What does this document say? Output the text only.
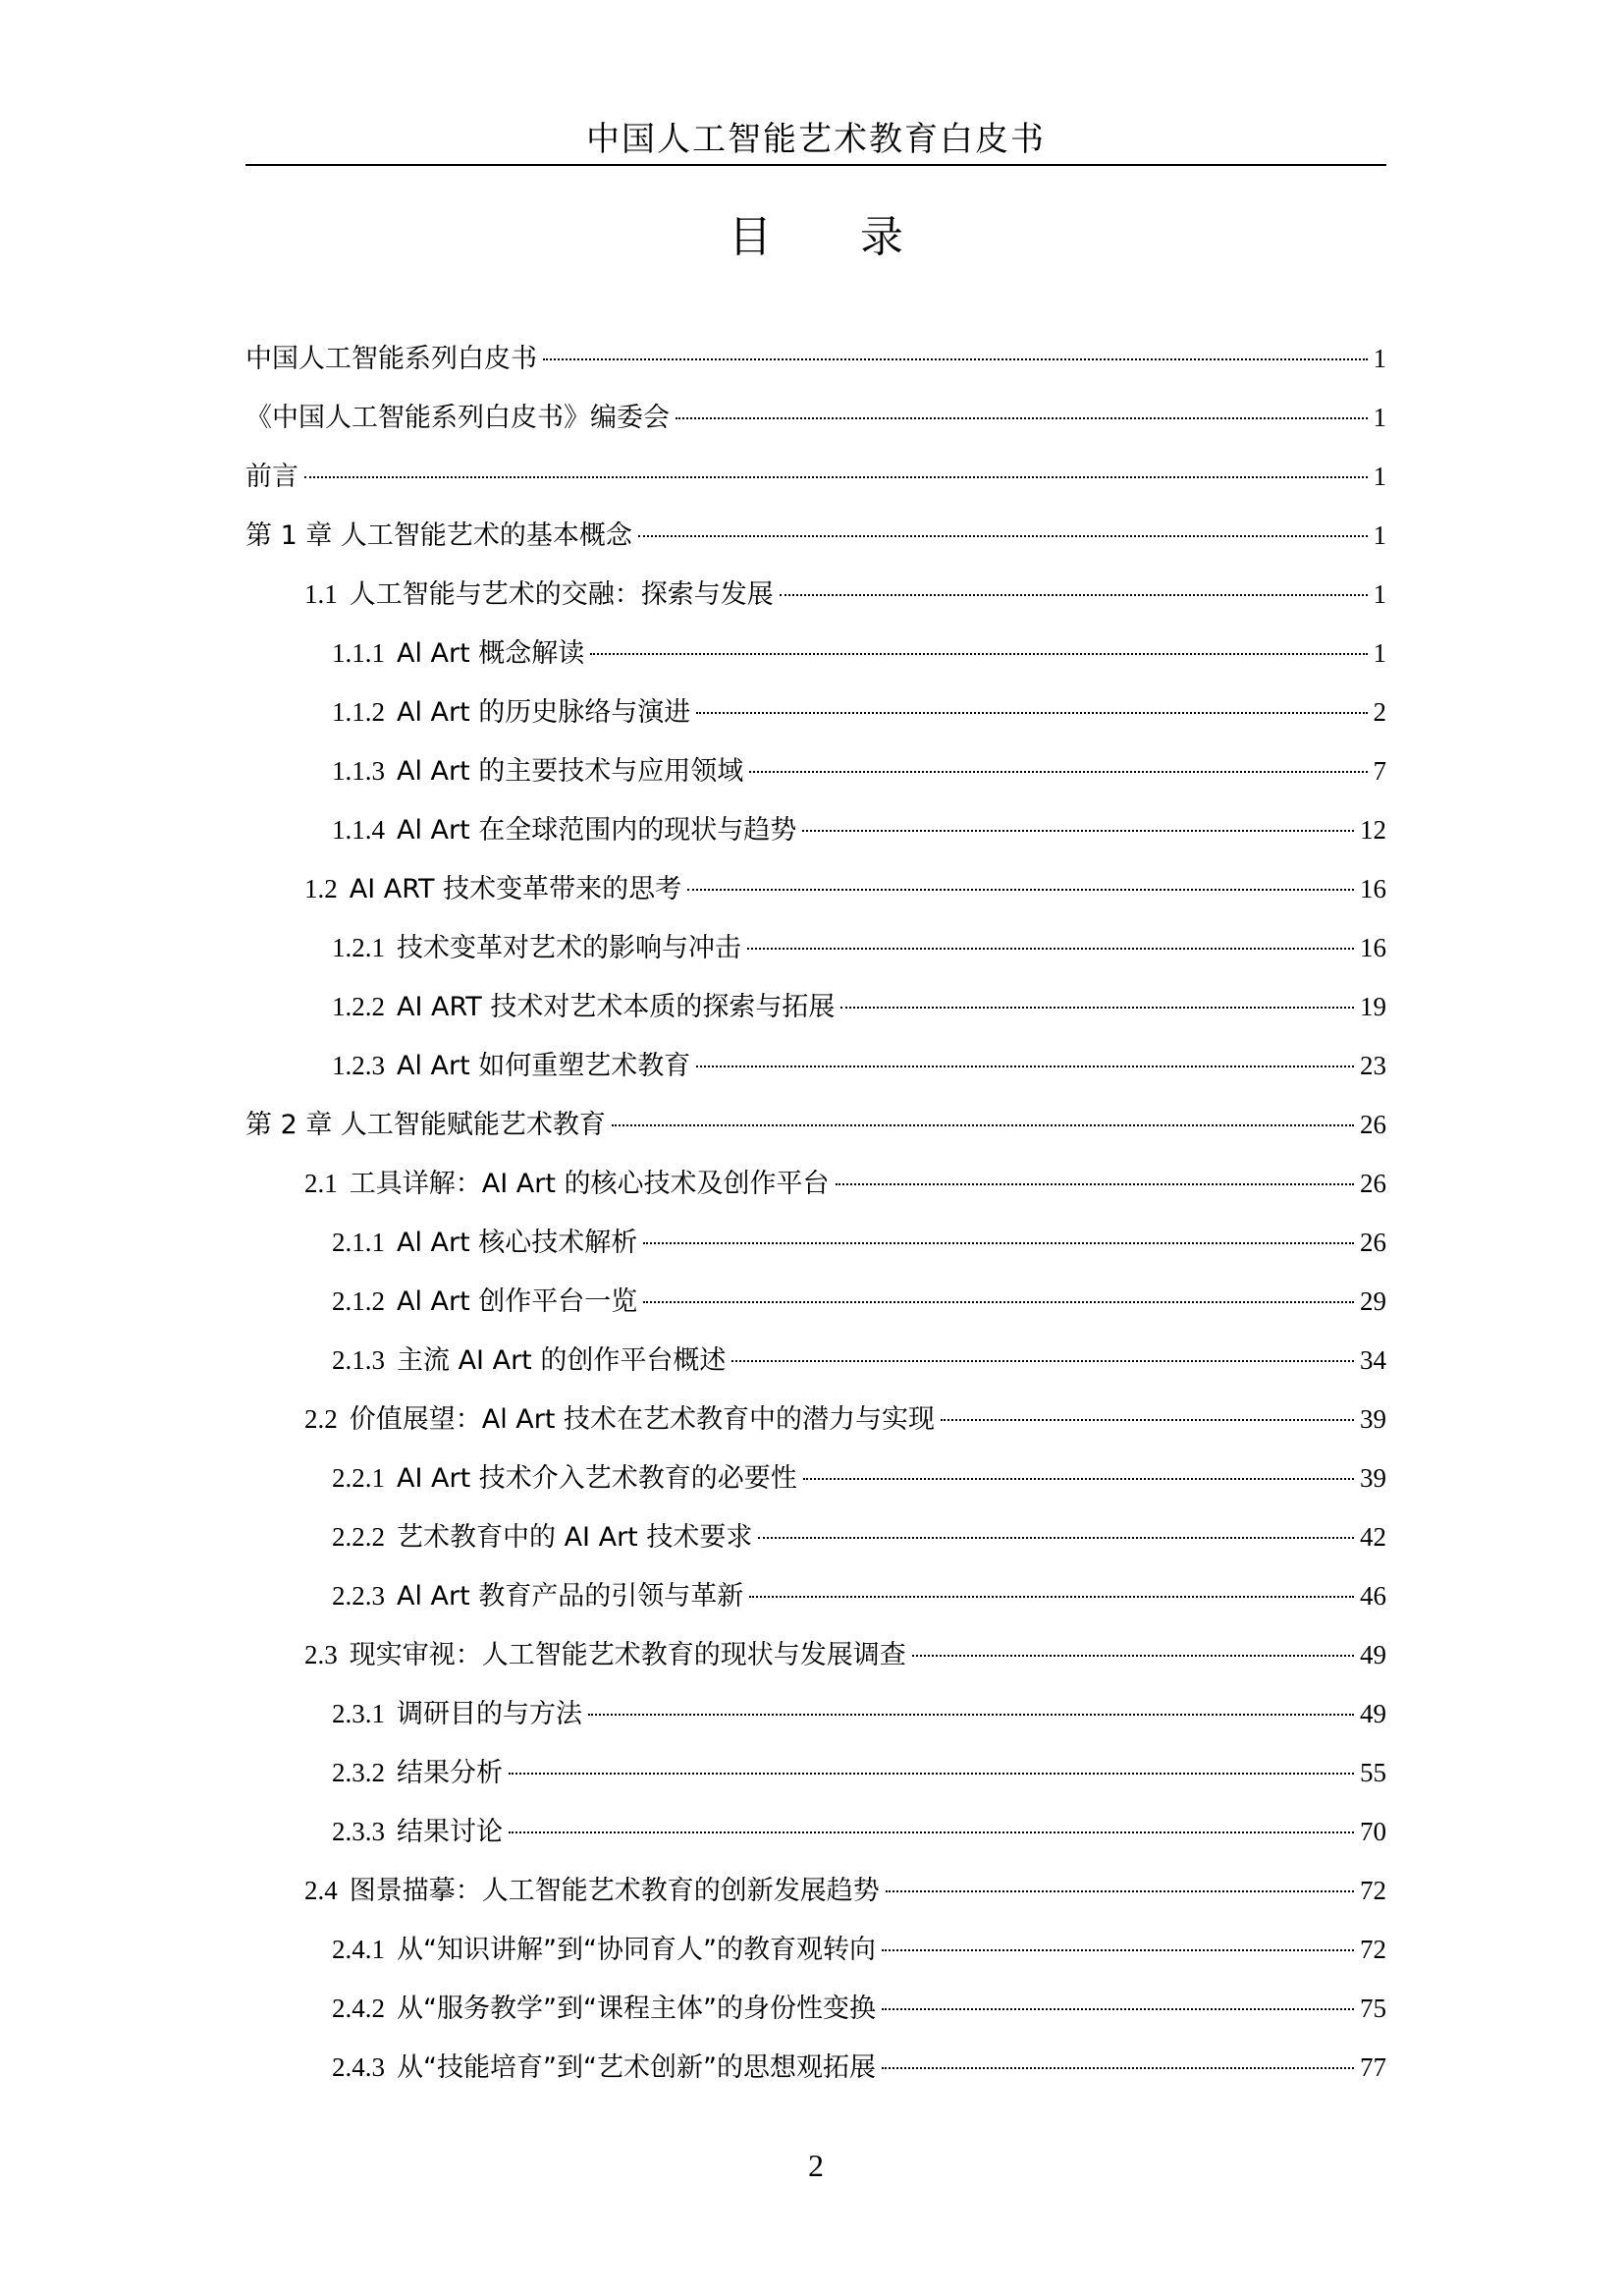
中国人工智能艺术教育白皮书
目 录
中国人工智能系列白皮书	1
《中国人工智能系列白皮书》编委会	1
前言	1
第 1 章 人工智能艺术的基本概念	1
1.1 人工智能与艺术的交融：探索与发展	1
1.1.1 Al Art 概念解读	1
1.1.2 Al Art 的历史脉络与演进	2
1.1.3 Al Art 的主要技术与应用领域	7
1.1.4 Al Art 在全球范围内的现状与趋势	12
1.2 AI ART 技术变革带来的思考	16
1.2.1 技术变革对艺术的影响与冲击	16
1.2.2 AI ART 技术对艺术本质的探索与拓展	19
1.2.3 Al Art 如何重塑艺术教育	23
第 2 章 人工智能赋能艺术教育	26
2.1 工具详解：AI Art 的核心技术及创作平台	26
2.1.1 Al Art 核心技术解析	26
2.1.2 Al Art 创作平台一览	29
2.1.3 主流 AI Art 的创作平台概述	34
2.2 价值展望：Al Art 技术在艺术教育中的潜力与实现	39
2.2.1 AI Art 技术介入艺术教育的必要性	39
2.2.2 艺术教育中的 AI Art 技术要求	42
2.2.3 Al Art 教育产品的引领与革新	46
2.3 现实审视：人工智能艺术教育的现状与发展调查	49
2.3.1 调研目的与方法	49
2.3.2 结果分析	55
2.3.3 结果讨论	70
2.4 图景描摹：人工智能艺术教育的创新发展趋势	72
2.4.1 从“知识讲解”到“协同育人”的教育观转向	72
2.4.2 从“服务教学”到“课程主体”的身份性变换	75
2.4.3 从“技能培育”到“艺术创新”的思想观拓展	77
2
